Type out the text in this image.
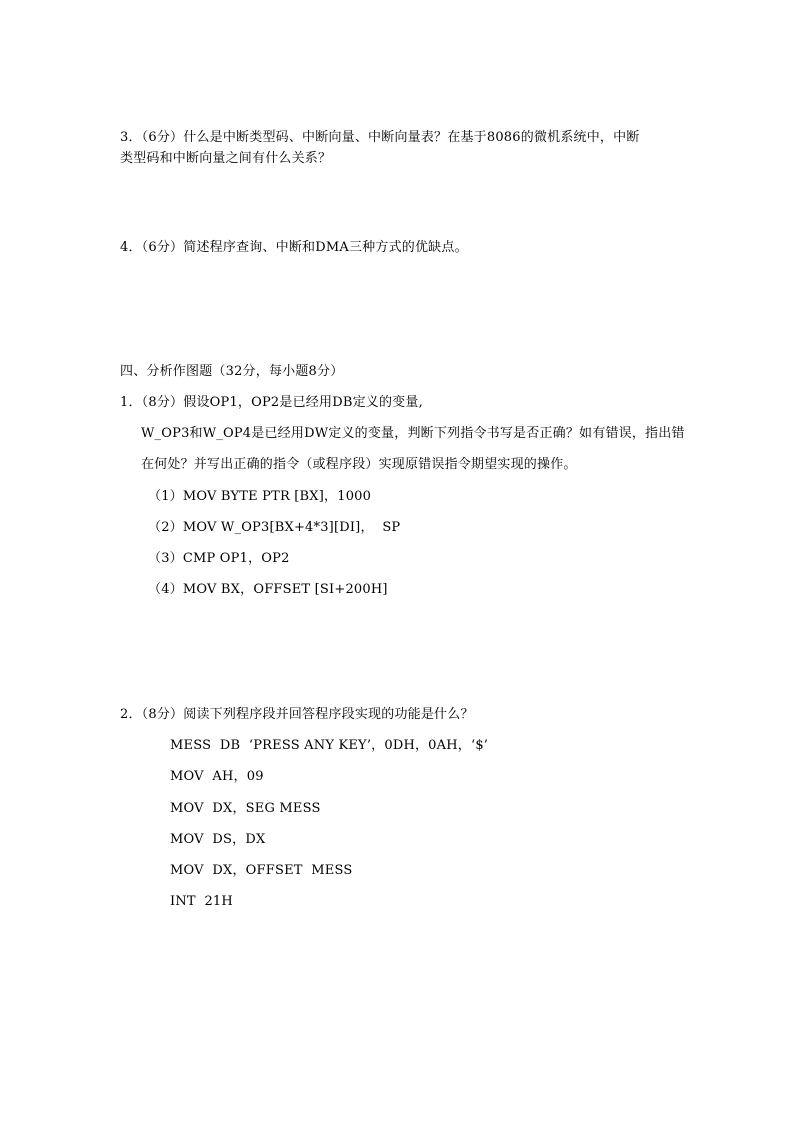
3．（6分）什么是中断类型码、中断向量、中断向量表？在基于8086的微机系统中，中断
类型码和中断向量之间有什么关系？
4．（6分）简述程序查询、中断和DMA三种方式的优缺点。
四、分析作图题（32分，每小题8分）
1．（8分）假设OP1，OP2是已经用DB定义的变量,
W_OP3和W_OP4是已经用DW定义的变量，判断下列指令书写是否正确？如有错误，指出错
在何处？并写出正确的指令（或程序段）实现原错误指令期望实现的操作。
（1）MOV BYTE PTR [BX]，1000
（2）MOV W_OP3[BX+4*3][DI]，  SP
（3）CMP OP1，OP2
（4）MOV BX，OFFSET [SI+200H]
2．（8分）阅读下列程序段并回答程序段实现的功能是什么？
MESS  DB  ‘PRESS ANY KEY’，0DH，0AH，‘$’
MOV  AH，09
MOV  DX，SEG MESS
MOV  DS，DX
MOV  DX，OFFSET  MESS
INT  21H
